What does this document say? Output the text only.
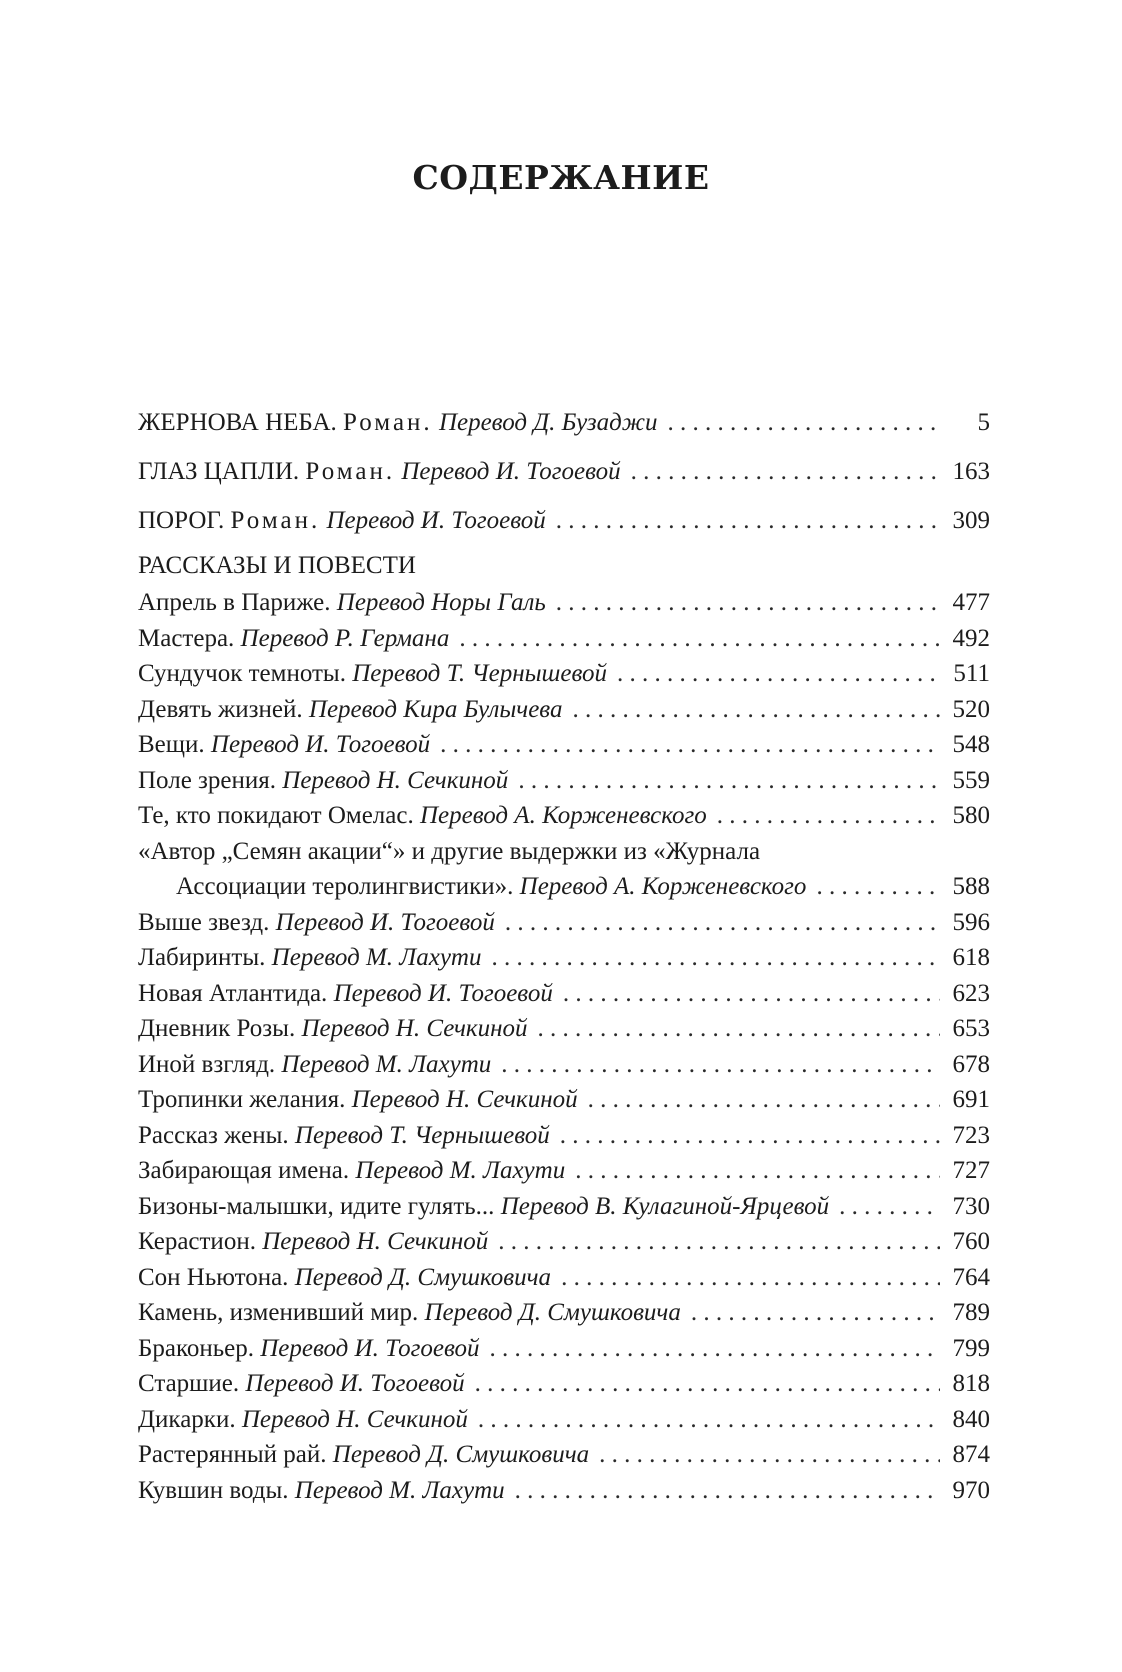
СОДЕРЖАНИЕ
ЖЕРНОВА НЕБА. Роман. Перевод Д. Бузаджи . . .	5
ГЛАЗ ЦАПЛИ. Роман. Перевод И. Тогоевой . . .	163
ПОРОГ. Роман. Перевод И. Тогоевой . . .	309
РАССКАЗЫ И ПОВЕСТИ
Апрель в Париже. Перевод Норы Галь . . .	477
Мастера. Перевод Р. Германа . . .	492
Сундучок темноты. Перевод Т. Чернышевой . . .	511
Девять жизней. Перевод Кира Булычева . . .	520
Вещи. Перевод И. Тогоевой . . .	548
Поле зрения. Перевод Н. Сечкиной . . .	559
Те, кто покидают Омелас. Перевод А. Корженевского . . .	580
«Автор „Семян акации“» и другие выдержки из «Журнала
Ассоциации теролингвистики». Перевод А. Корженевского . . .	588
Выше звезд. Перевод И. Тогоевой . . .	596
Лабиринты. Перевод М. Лахути . . .	618
Новая Атлантида. Перевод И. Тогоевой . . .	623
Дневник Розы. Перевод Н. Сечкиной . . .	653
Иной взгляд. Перевод М. Лахути . . .	678
Тропинки желания. Перевод Н. Сечкиной . . .	691
Рассказ жены. Перевод Т. Чернышевой . . .	723
Забирающая имена. Перевод М. Лахути . . .	727
Бизоны-малышки, идите гулять... Перевод В. Кулагиной-Ярцевой . . .	730
Керастион. Перевод Н. Сечкиной . . .	760
Сон Ньютона. Перевод Д. Смушковича . . .	764
Камень, изменивший мир. Перевод Д. Смушковича . . .	789
Браконьер. Перевод И. Тогоевой . . .	799
Старшие. Перевод И. Тогоевой . . .	818
Дикарки. Перевод Н. Сечкиной . . .	840
Растерянный рай. Перевод Д. Смушковича . . .	874
Кувшин воды. Перевод М. Лахути . . .	970
